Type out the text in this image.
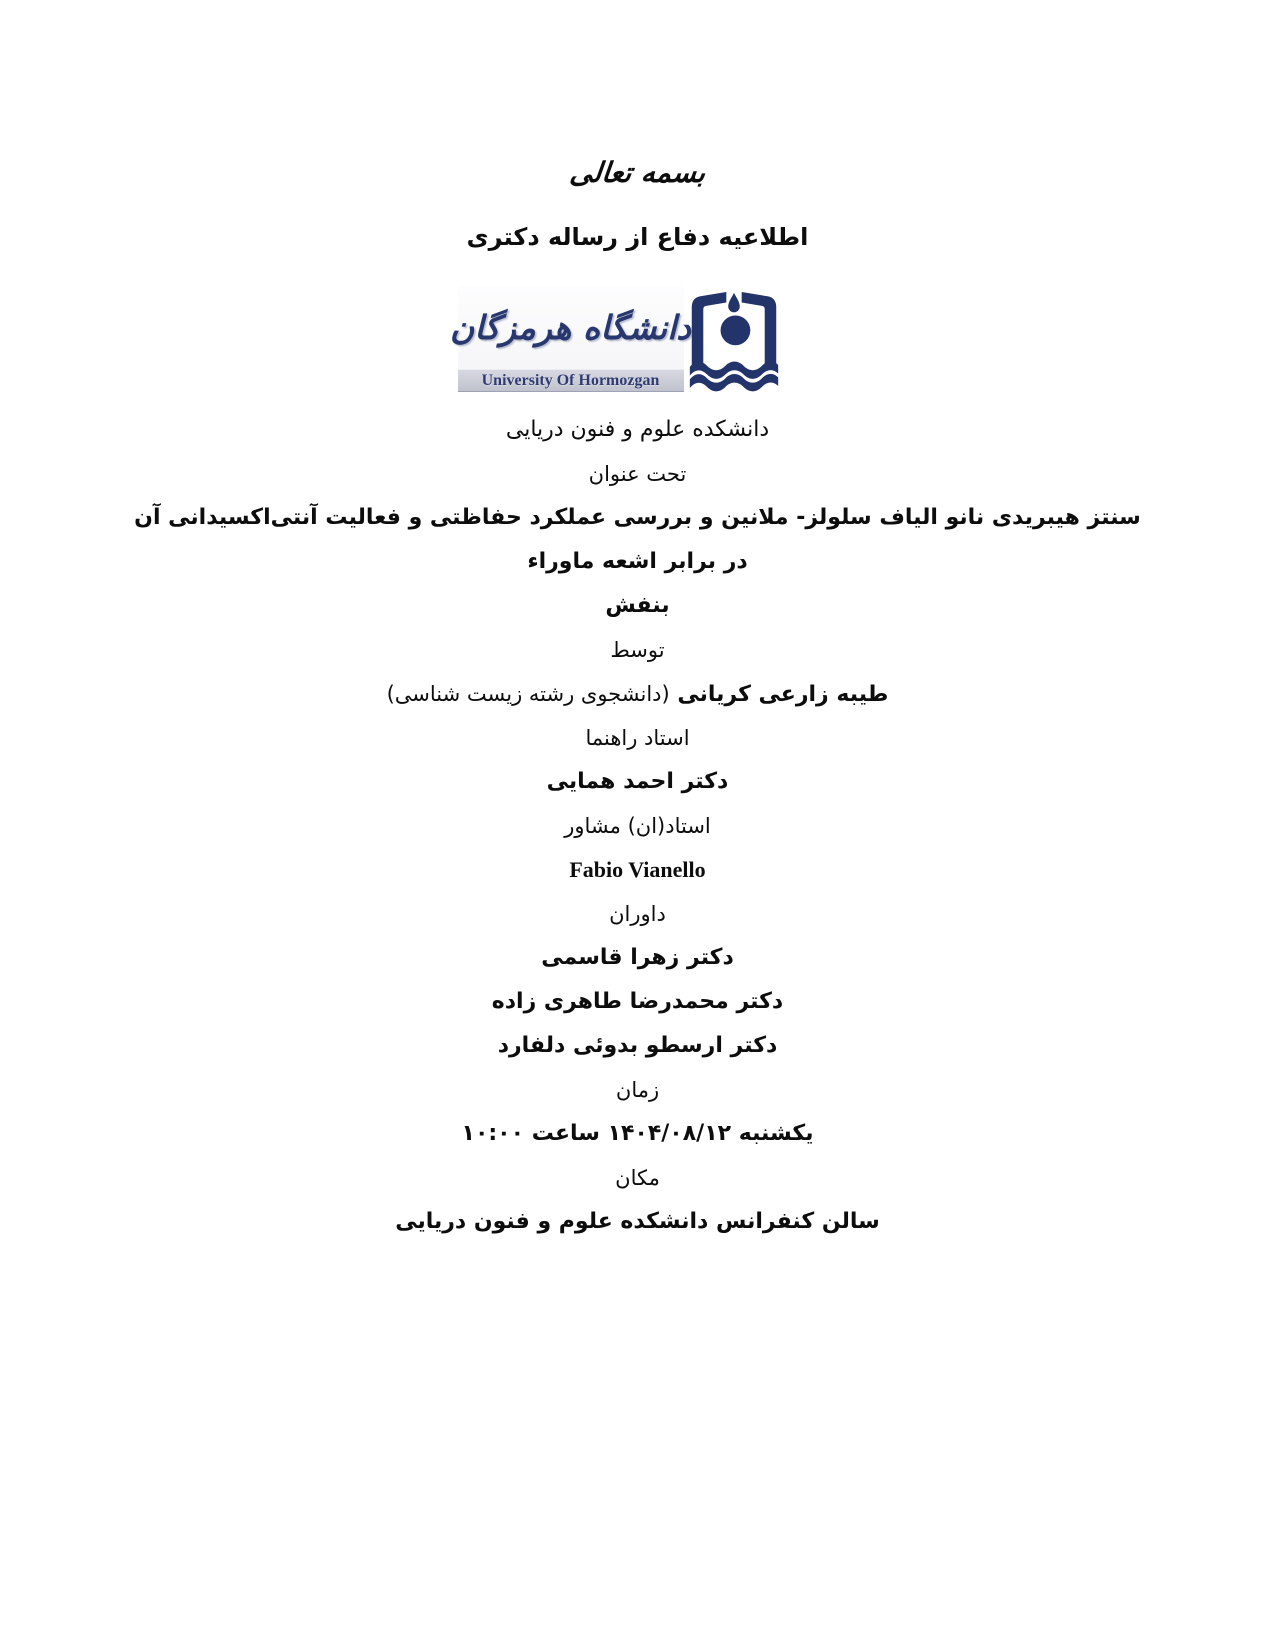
بسمه تعالی
اطلاعیه دفاع از رساله دکتری
دانشگاه هرمزگان
University Of Hormozgan
دانشکده علوم و فنون دریایی
تحت عنوان
سنتز هیبریدی نانو الیاف سلولز- ملانین و بررسی عملکرد حفاظتی و فعالیت آنتی‌اکسیدانی آن در برابر اشعه ماوراء
بنفش
توسط
طیبه زارعی کریانی (دانشجوی رشته زیست شناسی)
استاد راهنما
دکتر احمد همایی
استاد(ان) مشاور
Fabio Vianello
داوران
دکتر زهرا قاسمی
دکتر محمدرضا طاهری زاده
دکتر ارسطو بدوئی دلفارد
زمان
یکشنبه ۱۴۰۴/۰۸/۱۲ ساعت ۱۰:۰۰
مکان
سالن کنفرانس دانشکده علوم و فنون دریایی
